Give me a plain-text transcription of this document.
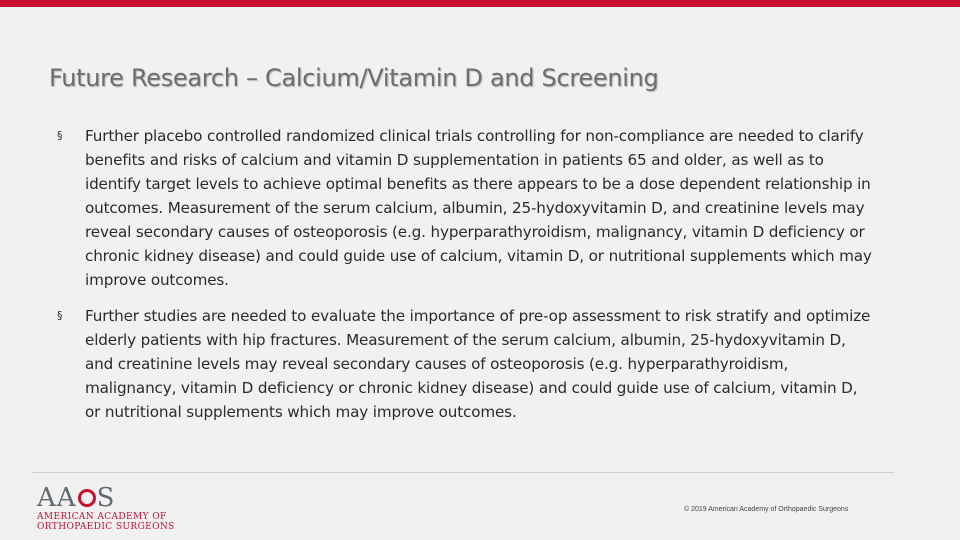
Future Research – Calcium/Vitamin D and Screening
§ Further placebo controlled randomized clinical trials controlling for non-compliance are needed to clarify benefits and risks of calcium and vitamin D supplementation in patients 65 and older, as well as to identify target levels to achieve optimal benefits as there appears to be a dose dependent relationship in outcomes. Measurement of the serum calcium, albumin, 25-hydoxyvitamin D, and creatinine levels may reveal secondary causes of osteoporosis (e.g. hyperparathyroidism, malignancy, vitamin D deficiency or chronic kidney disease) and could guide use of calcium, vitamin D, or nutritional supplements which may improve outcomes.
§ Further studies are needed to evaluate the importance of pre-op assessment to risk stratify and optimize elderly patients with hip fractures. Measurement of the serum calcium, albumin, 25-hydoxyvitamin D, and creatinine levels may reveal secondary causes of osteoporosis (e.g. hyperparathyroidism, malignancy, vitamin D deficiency or chronic kidney disease) and could guide use of calcium, vitamin D, or nutritional supplements which may improve outcomes.
AA S
AMERICAN ACADEMY OF
ORTHOPAEDIC SURGEONS
© 2019 American Academy of Orthopaedic Surgeons
